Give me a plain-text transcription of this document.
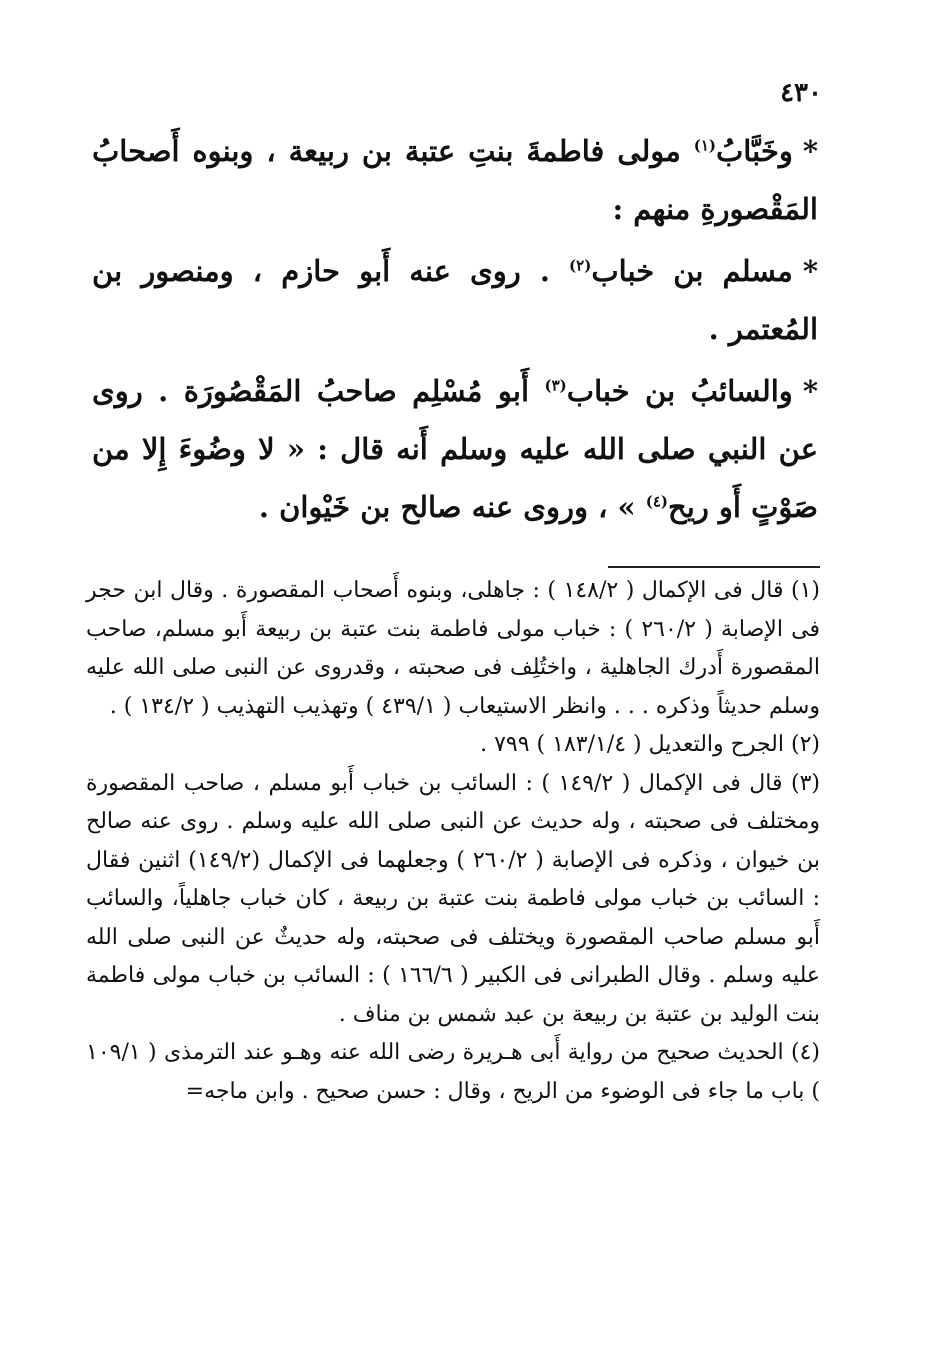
٤٣٠

*وخَبَّابُ$^{(١)}$ مولى فاطمةَ بنتِ عتبة بن ربيعة ، وبنوه أَصحابُ المَقْصورةِ منهم :

*مسلم بن خباب$^{(٢)}$ . روى عنه أَبو حازم ، ومنصور بن المُعتمر .

*والسائبُ بن خباب$^{(٣)}$ أَبو مُسْلِم صاحبُ المَقْصُورَة . روى عن النبي صلى الله عليه وسلم أَنه قال : « لا وضُوءَ إِلا من صَوْتٍ أَو ريح$^{(٤)}$ » ، وروى عنه صالح بن خَيْوان .

(١) قال فى الإكمال ( ١٤٨/٢ ) : جاهلى، وبنوه أَصحاب المقصورة . وقال ابن حجر فى الإصابة ( ٢٦٠/٢ ) : خباب مولى فاطمة بنت عتبة بن ربيعة أَبو مسلم، صاحب المقصورة أَدرك الجاهلية ، واختُلِف فى صحبته ، وقدروى عن النبى صلى الله عليه وسلم حديثاً وذكره . . . وانظر الاستيعاب ( ٤٣٩/١ ) وتهذيب التهذيب ( ١٣٤/٢ ) .

(٢) الجرح والتعديل ( ١٨٣/١/٤ ) ٧٩٩ .

(٣) قال فى الإكمال ( ١٤٩/٢ ) : السائب بن خباب أَبو مسلم ، صاحب المقصورة ومختلف فى صحبته ، وله حديث عن النبى صلى الله عليه وسلم . روى عنه صالح بن خيوان ، وذكره فى الإصابة ( ٢٦٠/٢ ) وجعلهما فى الإكمال (١٤٩/٢) اثنين فقال : السائب بن خباب مولى فاطمة بنت عتبة بن ربيعة ، كان خباب جاهلياً، والسائب أَبو مسلم صاحب المقصورة ويختلف فى صحبته، وله حديثٌ عن النبى صلى الله عليه وسلم . وقال الطبرانى فى الكبير ( ١٦٦/٦ ) : السائب بن خباب مولى فاطمة بنت الوليد بن عتبة بن ربيعة بن عبد شمس بن مناف .

(٤) الحديث صحيح من رواية أَبى هـريرة رضى الله عنه وهـو عند الترمذى ( ١٠٩/١ ) باب ما جاء فى الوضوء من الريح ، وقال : حسن صحيح . وابن ماجه=
